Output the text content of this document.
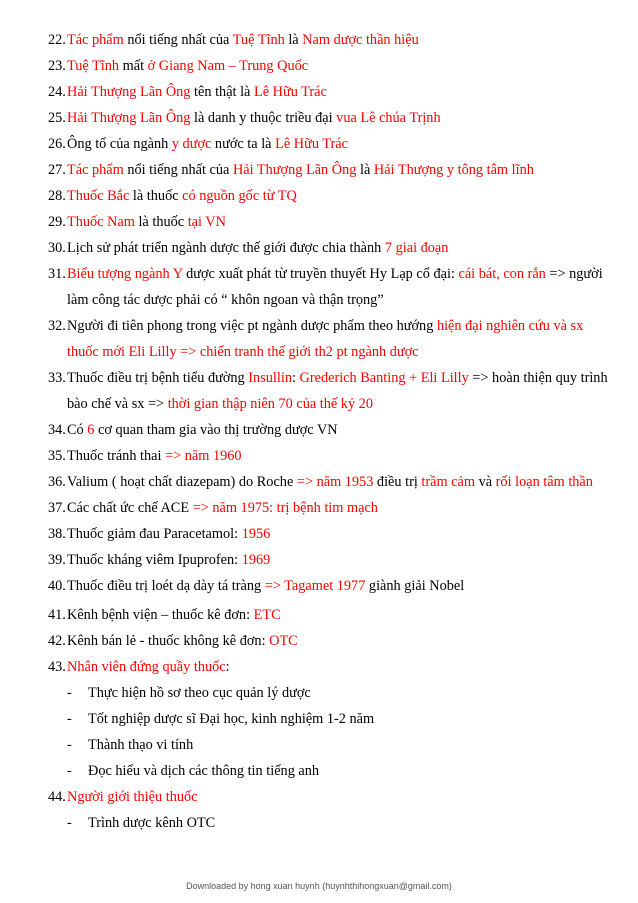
22. Tác phẩm nổi tiếng nhất của Tuệ Tĩnh là Nam dược thần hiệu
23. Tuệ Tĩnh mất ở Giang Nam – Trung Quốc
24. Hải Thượng Lãn Ông tên thật là Lê Hữu Trác
25. Hải Thượng Lãn Ông là danh y thuộc triều đại vua Lê chúa Trịnh
26. Ông tổ của ngành y dược nước ta là Lê Hữu Trác
27. Tác phẩm nổi tiếng nhất của Hải Thượng Lãn Ông là Hải Thượng y tông tâm lĩnh
28. Thuốc Bắc là thuốc có nguồn gốc từ TQ
29. Thuốc Nam là thuốc tại VN
30. Lịch sử phát triển ngành dược thế giới được chia thành 7 giai đoạn
31. Biểu tượng ngành Y dược xuất phát từ truyền thuyết Hy Lạp cổ đại: cái bát, con rắn => người làm công tác dược phải có “ khôn ngoan và thận trọng”
32. Người đi tiên phong trong việc pt ngành dược phẩm theo hướng hiện đại nghiên cứu và sx thuốc mới Eli Lilly => chiến tranh thế giới th2 pt ngành dược
33. Thuốc điều trị bệnh tiểu đường Insullin: Grederich Banting + Eli Lilly => hoàn thiện quy trình bào chế và sx => thời gian thập niên 70 của thế kỷ 20
34. Có 6 cơ quan tham gia vào thị trường dược VN
35. Thuốc tránh thai => năm 1960
36. Valium ( hoạt chất diazepam) do Roche => năm 1953 điều trị trầm cảm và rối loạn tâm thần
37. Các chất ức chế ACE => năm 1975: trị bệnh tim mạch
38. Thuốc giảm đau Paracetamol: 1956
39. Thuốc kháng viêm Ipuprofen: 1969
40. Thuốc điều trị loét dạ dày tá tràng => Tagamet 1977 giành giải Nobel
41. Kênh bệnh viện – thuốc kê đơn: ETC
42. Kênh bán lẻ - thuốc không kê đơn: OTC
43. Nhân viên đứng quầy thuốc:
- Thực hiện hồ sơ theo cục quản lý dược
- Tốt nghiệp dược sĩ Đại học, kinh nghiệm 1-2 năm
- Thành thạo vi tính
- Đọc hiểu và dịch các thông tin tiếng anh
44. Người giới thiệu thuốc
- Trình dược kênh OTC
Downloaded by hong xuan huynh (huynhthihongxuan@gmail.com)
